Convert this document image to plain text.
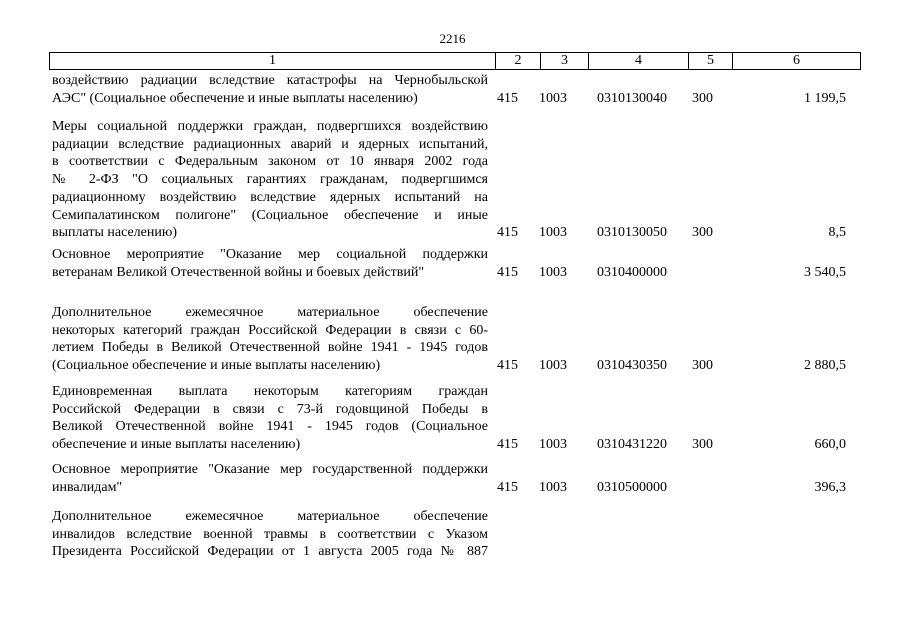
2216
1	2	3	4	5	6
воздействию радиации вследствие катастрофы на Чернобыльской
АЭС" (Социальное обеспечение и иные выплаты населению)	415 1003 0310130040 300	1 199,5
Меры социальной поддержки граждан, подвергшихся воздействию
радиации вследствие радиационных аварий и ядерных испытаний,
в соответствии с Федеральным законом от 10 января 2002 года
№ 2-ФЗ "О социальных гарантиях гражданам, подвергшимся
радиационному воздействию вследствие ядерных испытаний на
Семипалатинском полигоне" (Социальное обеспечение и иные
выплаты населению)	415 1003 0310130050 300	8,5
Основное мероприятие "Оказание мер социальной поддержки
ветеранам Великой Отечественной войны и боевых действий"	415 1003 0310400000	3 540,5
Дополнительное ежемесячное материальное обеспечение
некоторых категорий граждан Российской Федерации в связи с 60-
летием Победы в Великой Отечественной войне 1941 - 1945 годов
(Социальное обеспечение и иные выплаты населению)	415 1003 0310430350 300	2 880,5
Единовременная выплата некоторым категориям граждан
Российской Федерации в связи с 73-й годовщиной Победы в
Великой Отечественной войне 1941 - 1945 годов (Социальное
обеспечение и иные выплаты населению)	415 1003 0310431220 300	660,0
Основное мероприятие "Оказание мер государственной поддержки
инвалидам"	415 1003 0310500000	396,3
Дополнительное ежемесячное материальное обеспечение
инвалидов вследствие военной травмы в соответствии с Указом
Президента Российской Федерации от 1 августа 2005 года № 887
